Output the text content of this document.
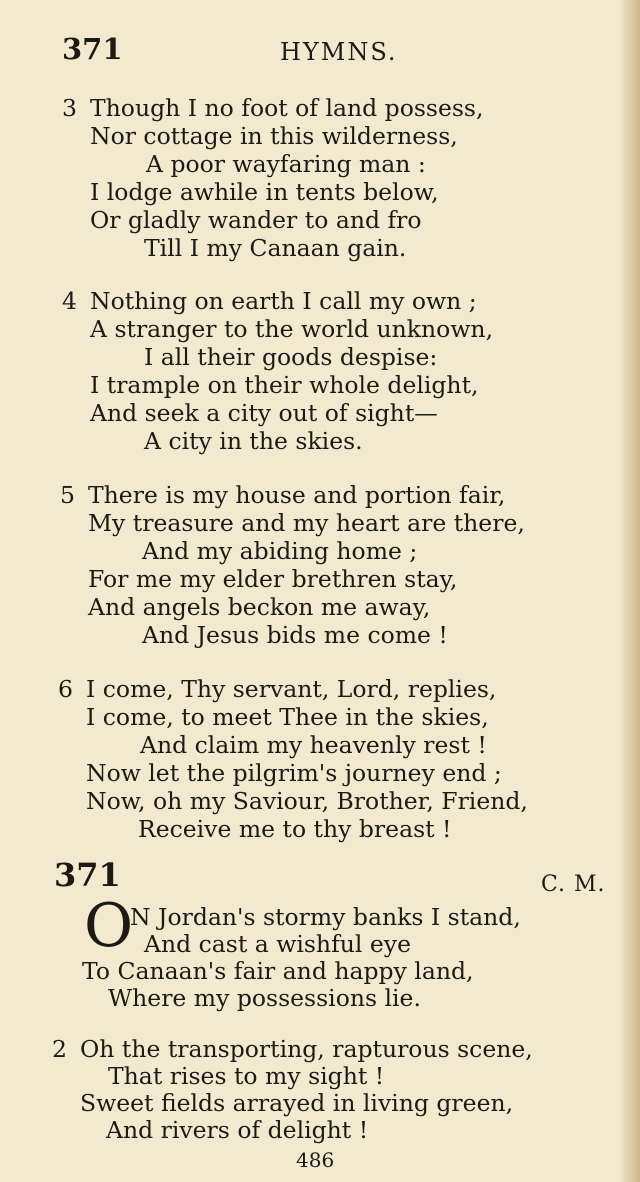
371	HYMNS.
3 Though I no foot of land possess,
Nor cottage in this wilderness,
A poor wayfaring man :
I lodge awhile in tents below,
Or gladly wander to and fro
Till I my Canaan gain.
4 Nothing on earth I call my own ;
A stranger to the world unknown,
I all their goods despise:
I trample on their whole delight,
And seek a city out of sight—
A city in the skies.
5 There is my house and portion fair,
My treasure and my heart are there,
And my abiding home ;
For me my elder brethren stay,
And angels beckon me away,
And Jesus bids me come !
6 I come, Thy servant, Lord, replies,
I come, to meet Thee in the skies,
And claim my heavenly rest !
Now let the pilgrim's journey end ;
Now, oh my Saviour, Brother, Friend,
Receive me to thy breast !
371	C. M.
O
N Jordan's stormy banks I stand,
And cast a wishful eye
To Canaan's fair and happy land,
Where my possessions lie.
2 Oh the transporting, rapturous scene,
That rises to my sight !
Sweet fields arrayed in living green,
And rivers of delight !
486
